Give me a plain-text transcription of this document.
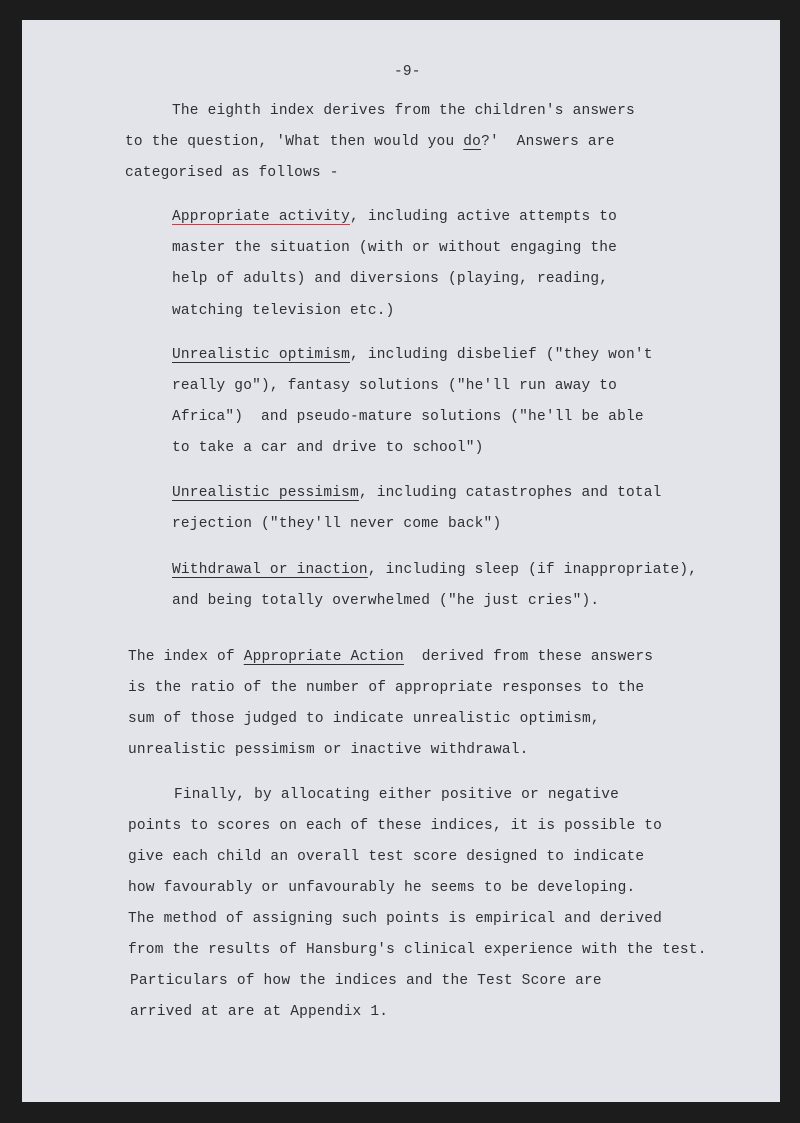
-9-
The eighth index derives from the children's answers
to the question, 'What then would you do?'  Answers are
categorised as follows -
Appropriate activity, including active attempts to
master the situation (with or without engaging the
help of adults) and diversions (playing, reading,
watching television etc.)
Unrealistic optimism, including disbelief ("they won't
really go"), fantasy solutions ("he'll run away to
Africa")  and pseudo-mature solutions ("he'll be able
to take a car and drive to school")
Unrealistic pessimism, including catastrophes and total
rejection ("they'll never come back")
Withdrawal or inaction, including sleep (if inappropriate),
and being totally overwhelmed ("he just cries").
The index of Appropriate Action  derived from these answers
is the ratio of the number of appropriate responses to the
sum of those judged to indicate unrealistic optimism,
unrealistic pessimism or inactive withdrawal.
Finally, by allocating either positive or negative
points to scores on each of these indices, it is possible to
give each child an overall test score designed to indicate
how favourably or unfavourably he seems to be developing.
The method of assigning such points is empirical and derived
from the results of Hansburg's clinical experience with the test.
Particulars of how the indices and the Test Score are
arrived at are at Appendix 1.
